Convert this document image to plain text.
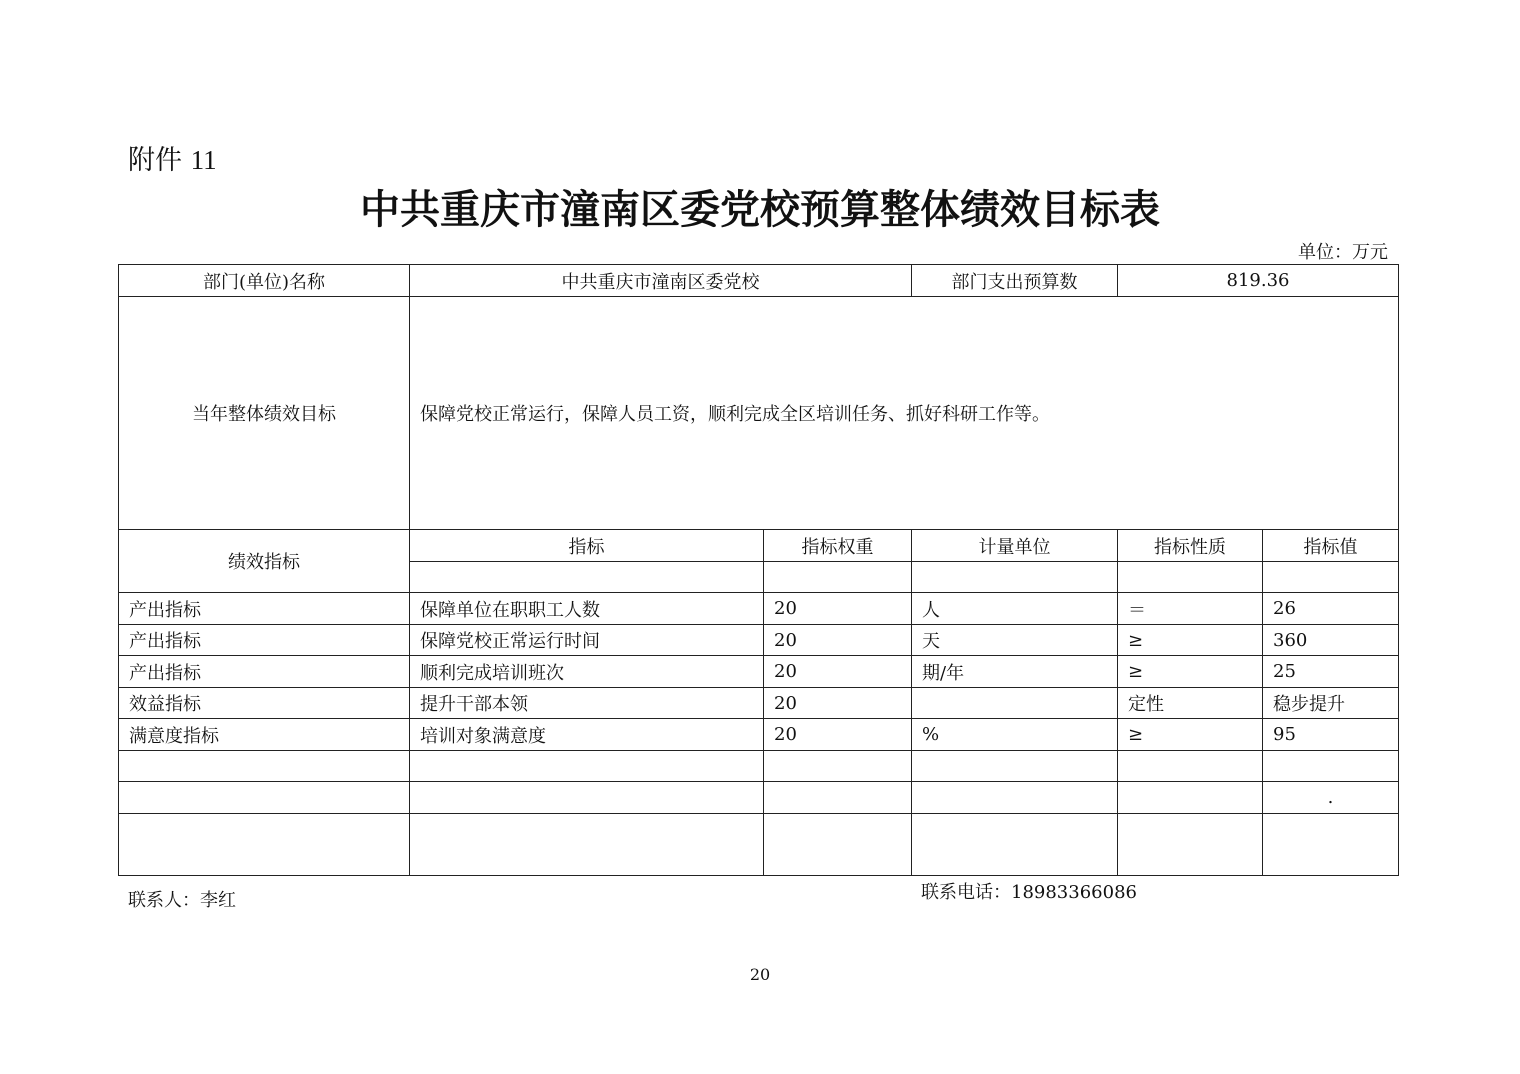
附件 11
中共重庆市潼南区委党校预算整体绩效目标表
单位：万元
部门(单位)名称	中共重庆市潼南区委党校		部门支出预算数	819.36	
当年整体绩效目标	保障党校正常运行，保障人员工资，顺利完成全区培训任务、抓好科研工作等。				
绩效指标	指标	指标权重	计量单位	指标性质	指标值

产出指标	保障单位在职职工人数	20	人	＝	26
产出指标	保障党校正常运行时间	20	天	≥	360
产出指标	顺利完成培训班次	20	期/年	≥	25
效益指标	提升干部本领	20		定性	稳步提升
满意度指标	培训对象满意度	20	%	≥	95

					.

联系人：李红	联系电话：18983366086
20
